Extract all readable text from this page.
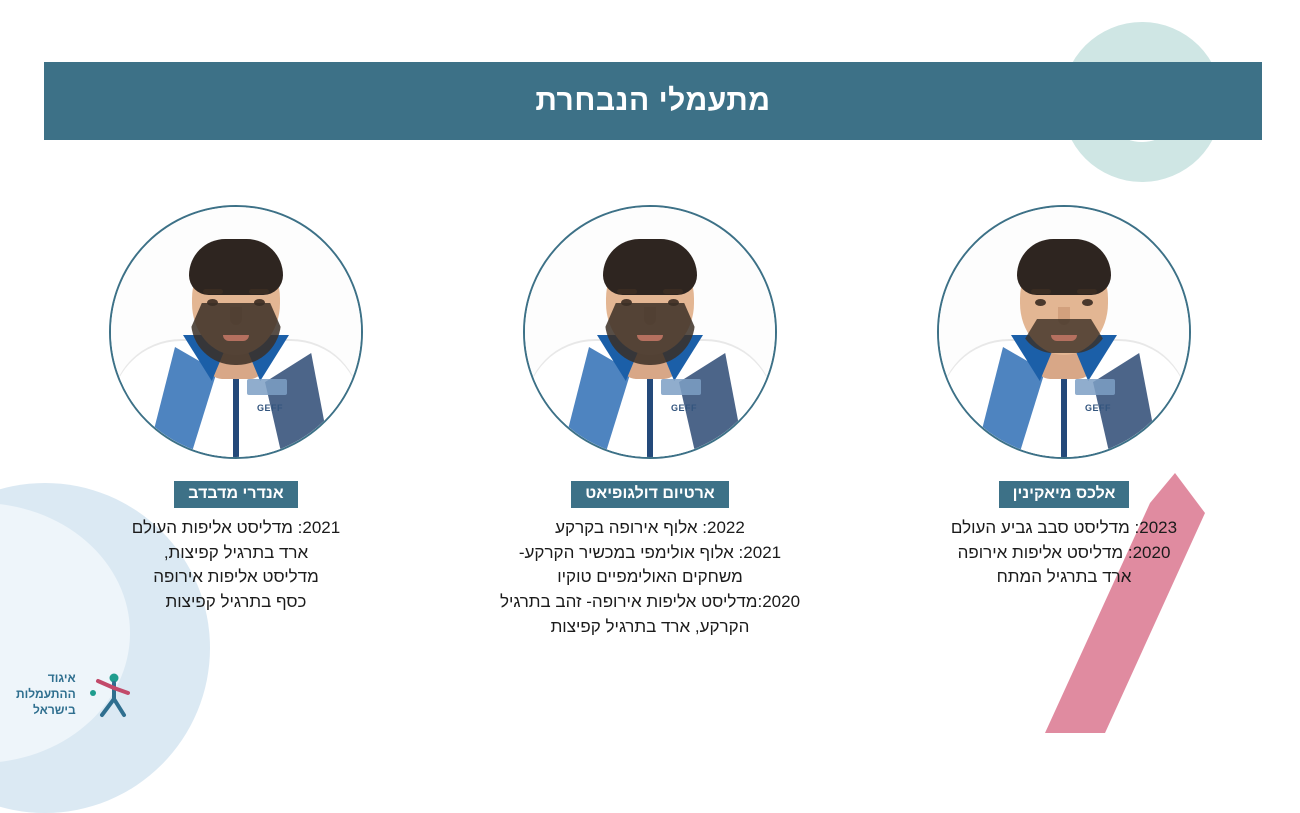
מתעמלי הנבחרת
GEFF
אלכס מיאקינין
2023: מדליסט סבב גביע העולם
2020: מדליסט אליפות אירופה
ארד בתרגיל המתח
GEFF
ארטיום דולגופיאט
2022: אלוף אירופה בקרקע
2021: אלוף אולימפי במכשיר הקרקע-
משחקים האולימפיים טוקיו
2020:מדליסט אליפות אירופה- זהב בתרגיל
הקרקע, ארד בתרגיל קפיצות
GEFF
אנדרי מדבדב
2021: מדליסט אליפות העולם
ארד בתרגיל קפיצות,
מדליסט אליפות אירופה
כסף בתרגיל קפיצות
איגוד
ההתעמלות
בישראל
